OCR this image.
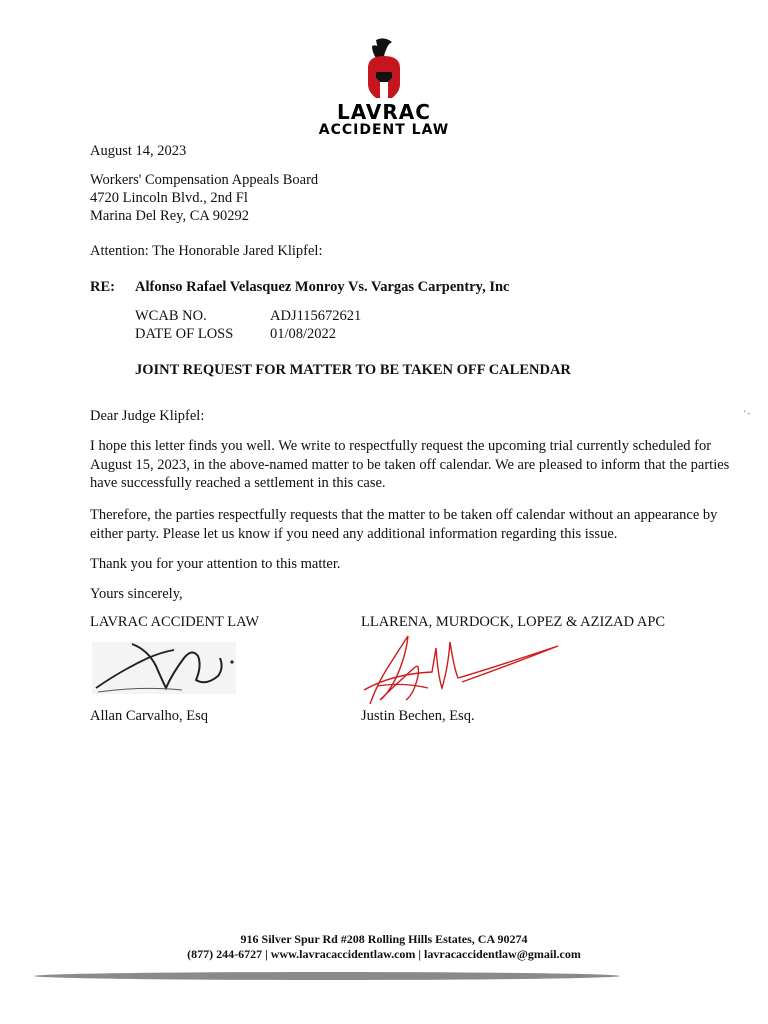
LAVRAC
ACCIDENT LAW
August 14, 2023
Workers' Compensation Appeals Board
4720 Lincoln Blvd., 2nd Fl
Marina Del Rey, CA 90292
Attention: The Honorable Jared Klipfel:
RE: Alfonso Rafael Velasquez Monroy Vs. Vargas Carpentry, Inc
WCAB NO.	ADJ115672621
DATE OF LOSS	01/08/2022
JOINT REQUEST FOR MATTER TO BE TAKEN OFF CALENDAR
Dear Judge Klipfel:	' -
I hope this letter finds you well. We write to respectfully request the upcoming trial currently scheduled for August 15, 2023, in the above-named matter to be taken off calendar. We are pleased to inform that the parties have successfully reached a settlement in this case.
Therefore, the parties respectfully requests that the matter to be taken off calendar without an appearance by either party. Please let us know if you need any additional information regarding this issue.
Thank you for your attention to this matter.
Yours sincerely,
LAVRAC ACCIDENT LAW	LLARENA, MURDOCK, LOPEZ & AZIZAD APC
Allan Carvalho, Esq	Justin Bechen, Esq.
916 Silver Spur Rd #208 Rolling Hills Estates, CA 90274
(877) 244-6727 | www.lavracaccidentlaw.com | lavracaccidentlaw@gmail.com
